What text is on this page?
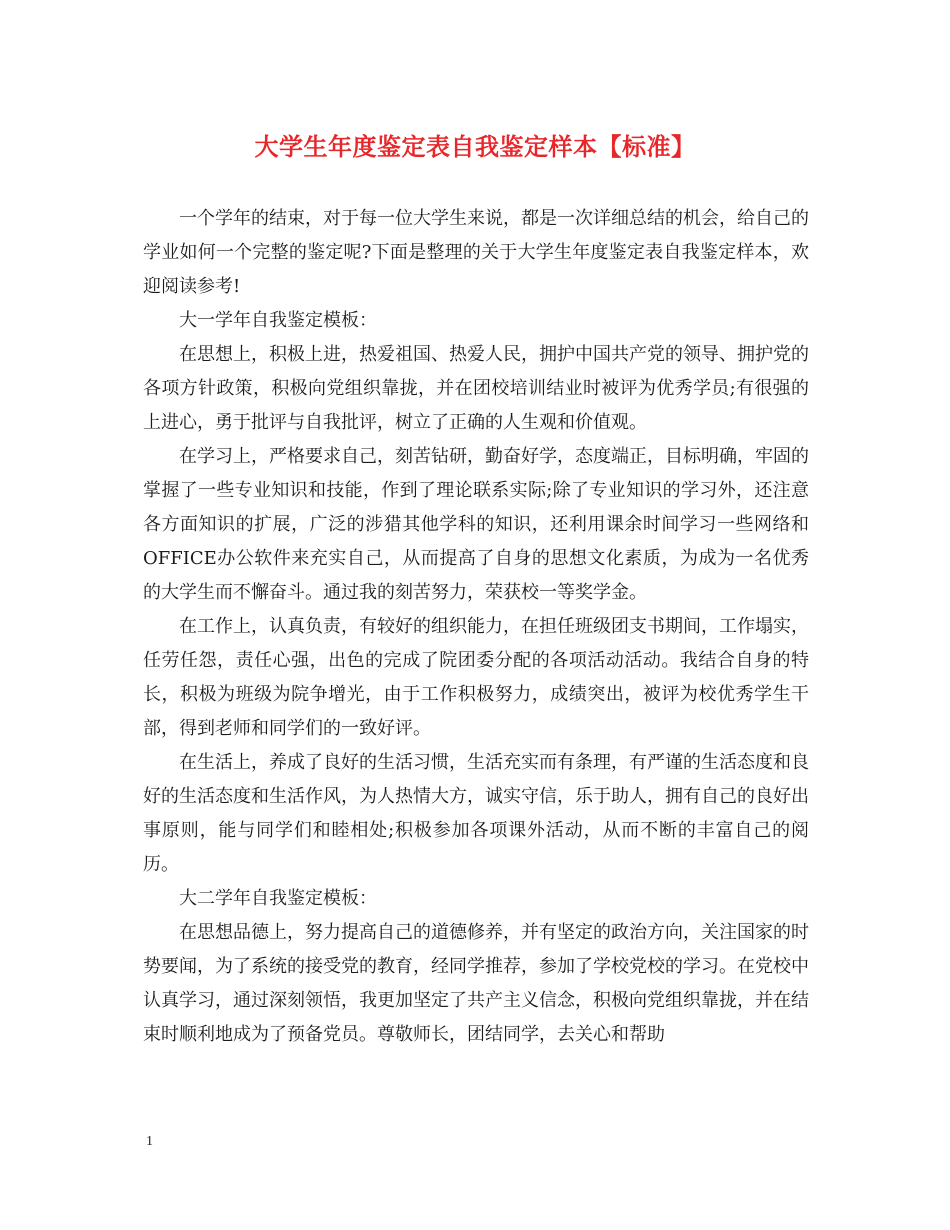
大学生年度鉴定表自我鉴定样本【标准】

一个学年的结束，对于每一位大学生来说，都是一次详细总结的机会，给自己的学业如何一个完整的鉴定呢?下面是整理的关于大学生年度鉴定表自我鉴定样本，欢迎阅读参考!

大一学年自我鉴定模板：

在思想上，积极上进，热爱祖国、热爱人民，拥护中国共产党的领导、拥护党的各项方针政策，积极向党组织靠拢，并在团校培训结业时被评为优秀学员;有很强的上进心，勇于批评与自我批评，树立了正确的人生观和价值观。

在学习上，严格要求自己，刻苦钻研，勤奋好学，态度端正，目标明确，牢固的掌握了一些专业知识和技能，作到了理论联系实际;除了专业知识的学习外，还注意各方面知识的扩展，广泛的涉猎其他学科的知识，还利用课余时间学习一些网络和OFFICE办公软件来充实自己，从而提高了自身的思想文化素质，为成为一名优秀的大学生而不懈奋斗。通过我的刻苦努力，荣获校一等奖学金。

在工作上，认真负责，有较好的组织能力，在担任班级团支书期间，工作塌实，任劳任怨，责任心强，出色的完成了院团委分配的各项活动活动。我结合自身的特长，积极为班级为院争增光，由于工作积极努力，成绩突出，被评为校优秀学生干部，得到老师和同学们的一致好评。

在生活上，养成了良好的生活习惯，生活充实而有条理，有严谨的生活态度和良好的生活态度和生活作风，为人热情大方，诚实守信，乐于助人，拥有自己的良好出事原则，能与同学们和睦相处;积极参加各项课外活动，从而不断的丰富自己的阅历。

大二学年自我鉴定模板：

在思想品德上，努力提高自己的道德修养，并有坚定的政治方向，关注国家的时势要闻，为了系统的接受党的教育，经同学推荐，参加了学校党校的学习。在党校中认真学习，通过深刻领悟，我更加坚定了共产主义信念，积极向党组织靠拢，并在结束时顺利地成为了预备党员。尊敬师长，团结同学，去关心和帮助

1
